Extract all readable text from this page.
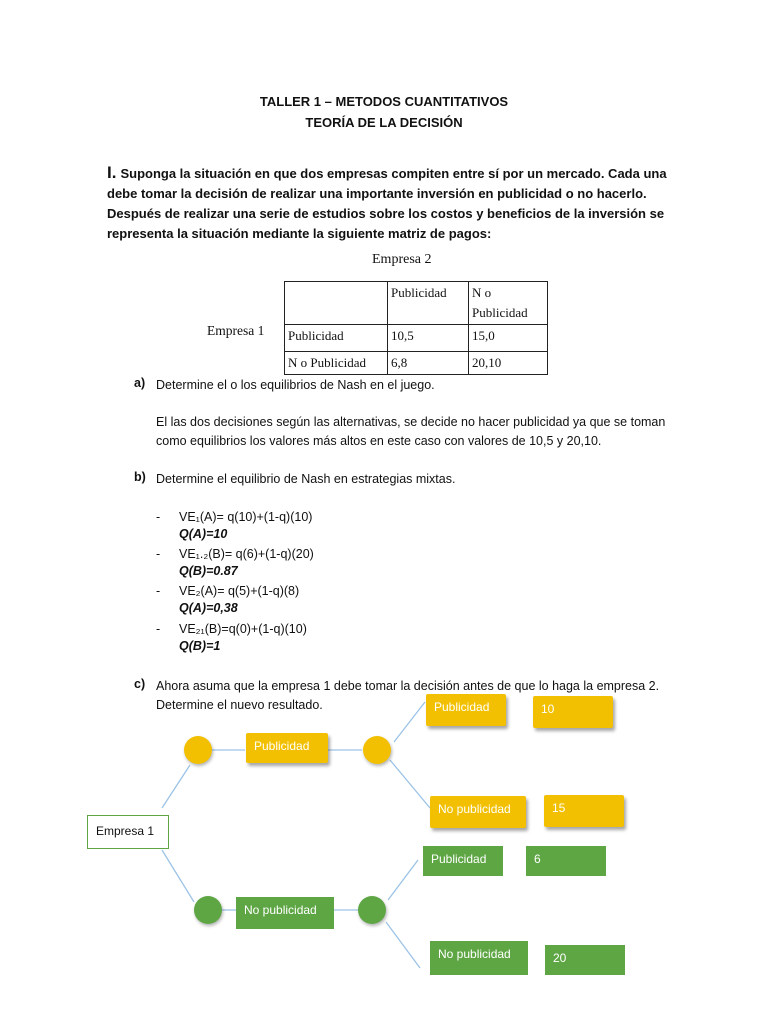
TALLER 1 – METODOS CUANTITATIVOS
TEORÍA DE LA DECISIÓN
I. Suponga la situación en que dos empresas compiten entre sí por un mercado. Cada una debe tomar la decisión de realizar una importante inversión en publicidad o no hacerlo. Después de realizar una serie de estudios sobre los costos y beneficios de la inversión se representa la situación mediante la siguiente matriz de pagos:
Empresa 2
Empresa 1
	Publicidad	N o Publicidad
Publicidad	10,5	15,0
N o Publicidad	6,8	20,10
a) Determine el o los equilibrios de Nash en el juego.
El las dos decisiones según las alternativas, se decide no hacer publicidad ya que se toman como equilibrios los valores más altos en este caso con valores de 10,5 y 20,10.
b) Determine el equilibrio de Nash en estrategias mixtas.
- VE₁(A)= q(10)+(1-q)(10)
Q(A)=10
- VE₁.₂(B)= q(6)+(1-q)(20)
Q(B)=0.87
- VE₂(A)= q(5)+(1-q)(8)
Q(A)=0,38
- VE₂₁(B)=q(0)+(1-q)(10)
Q(B)=1
c) Ahora asuma que la empresa 1 debe tomar la decisión antes de que lo haga la empresa 2. Determine el nuevo resultado.
Empresa 1
Publicidad
Publicidad	10
No publicidad	15
No publicidad
Publicidad	6
No publicidad	20
